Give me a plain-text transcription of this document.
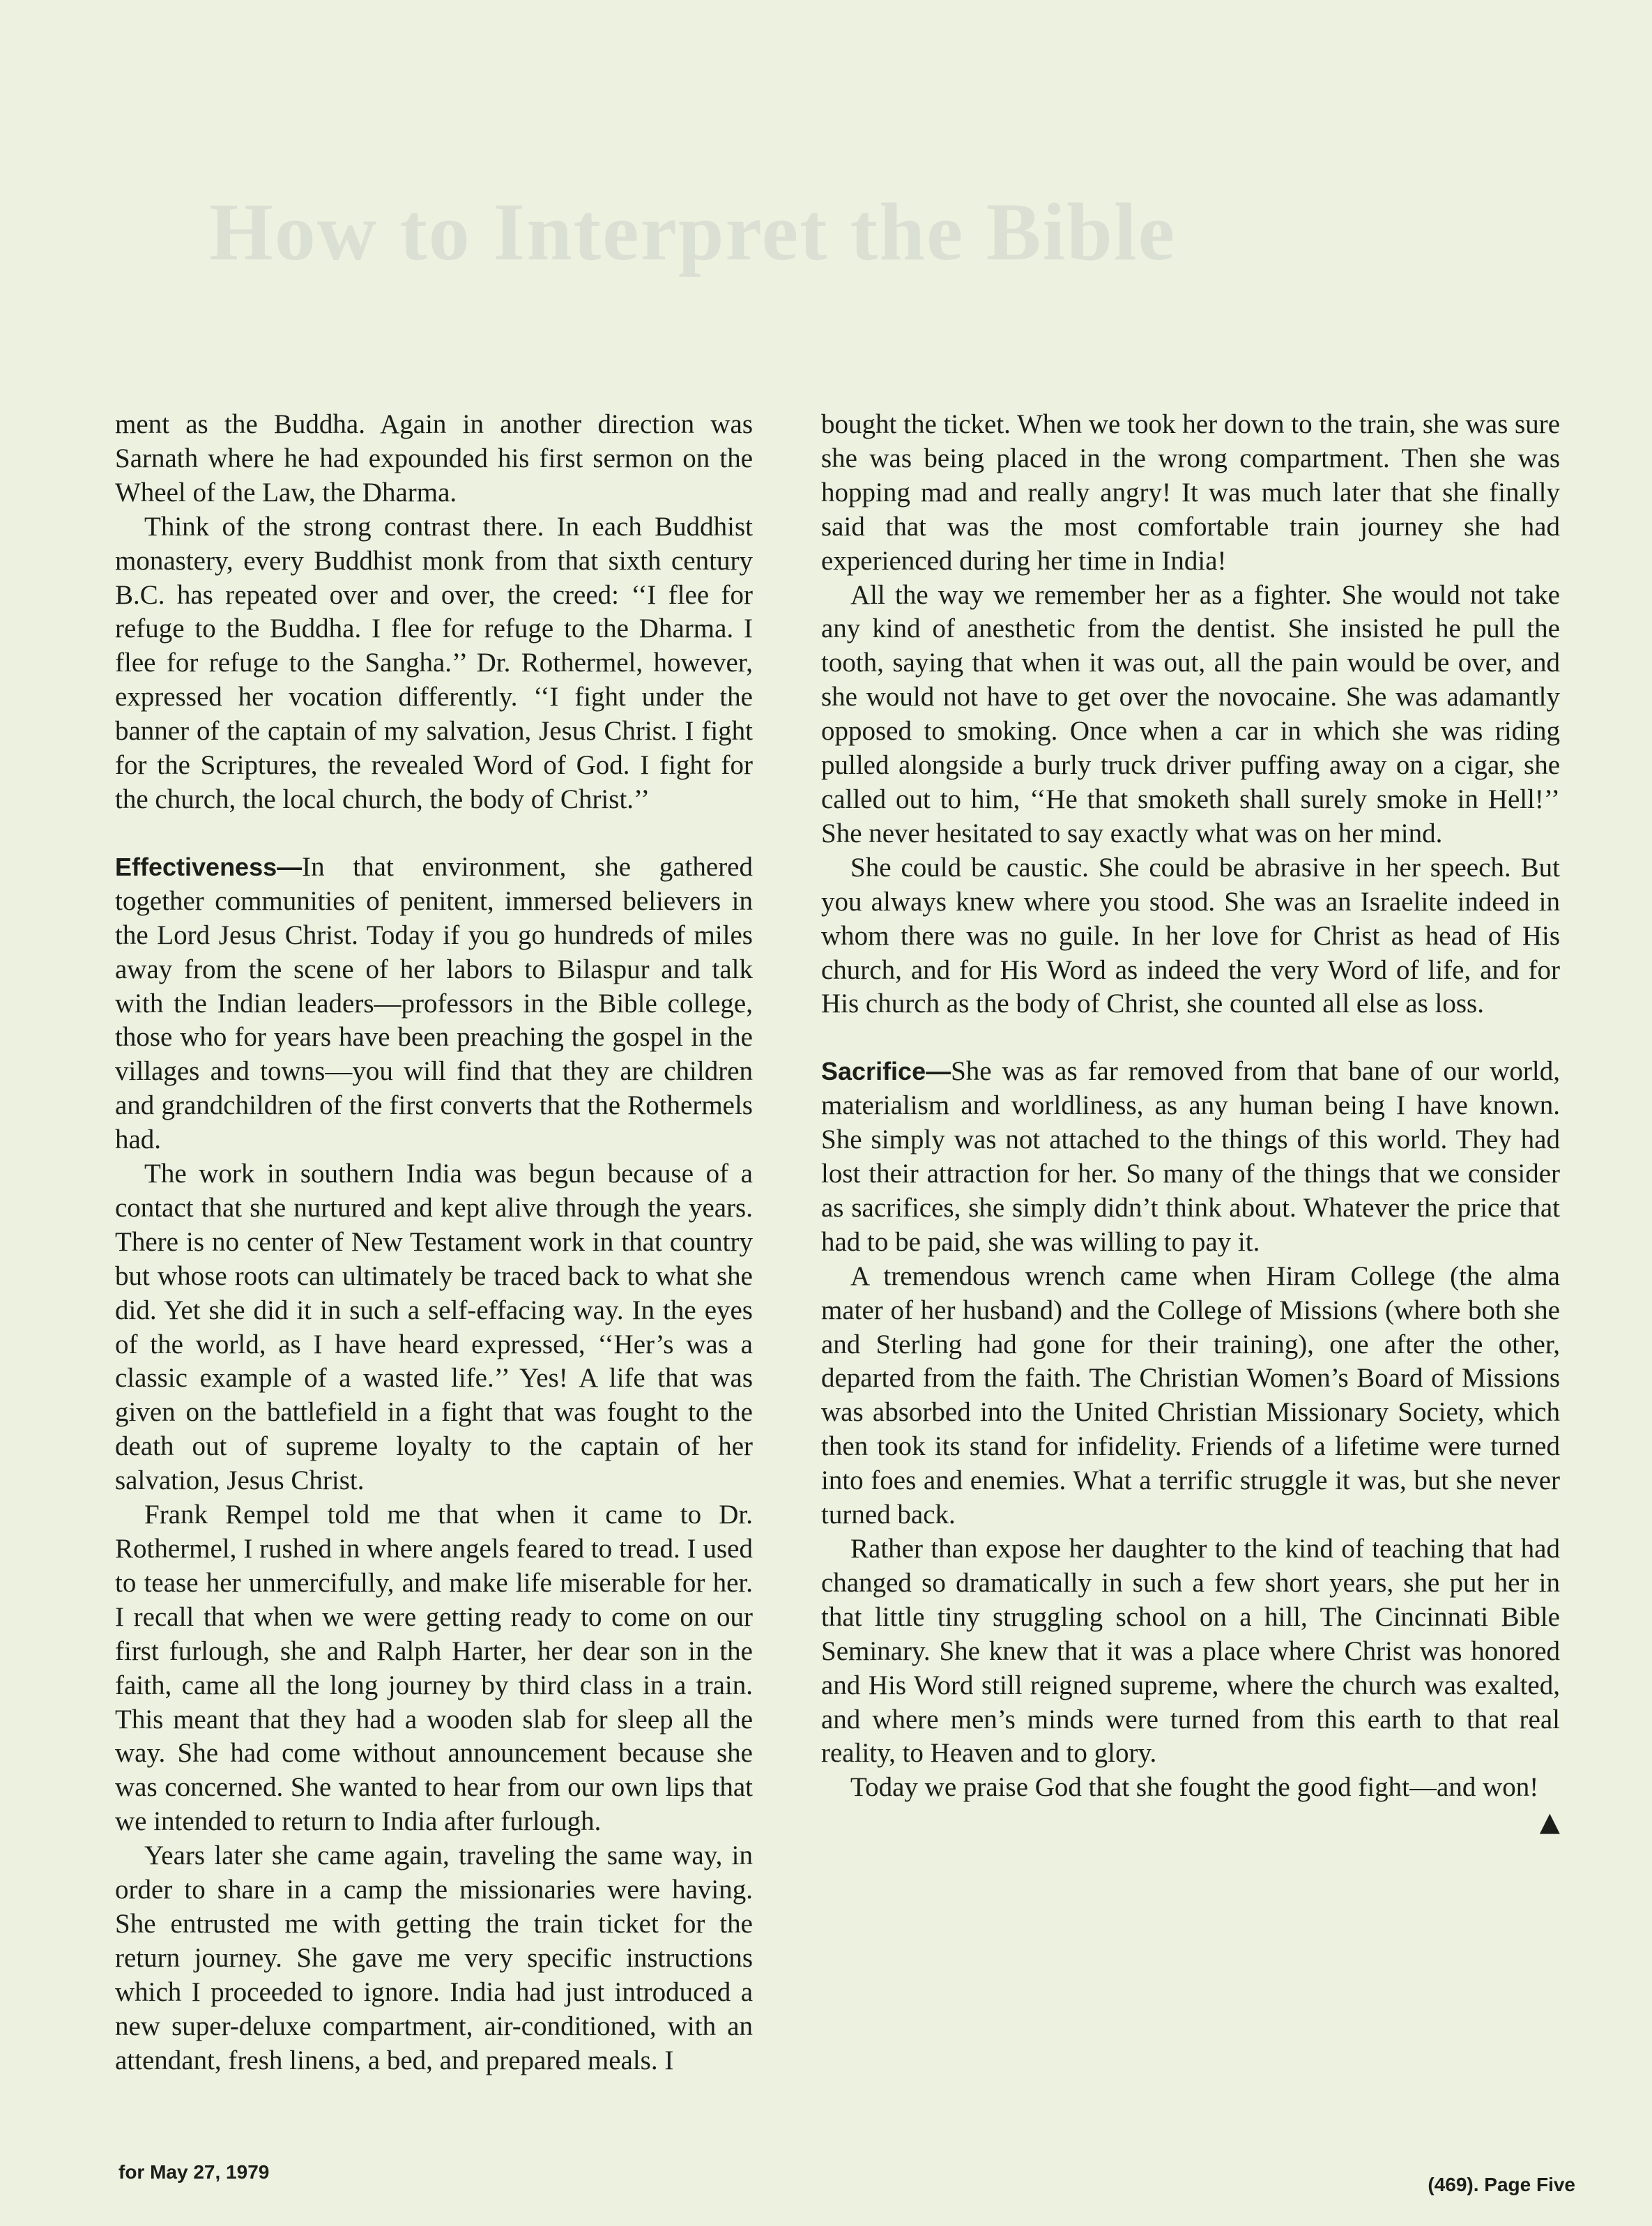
How to Interpret the Bible

ment as the Buddha. Again in another direction was Sarnath where he had expounded his first sermon on the Wheel of the Law, the Dharma.

Think of the strong contrast there. In each Buddhist monastery, every Buddhist monk from that sixth century B.C. has repeated over and over, the creed: ‘‘I flee for refuge to the Buddha. I flee for refuge to the Dharma. I flee for refuge to the Sangha.’’ Dr. Rothermel, however, expressed her vocation differently. ‘‘I fight under the banner of the captain of my salvation, Jesus Christ. I fight for the Scriptures, the revealed Word of God. I fight for the church, the local church, the body of Christ.’’

Effectiveness—In that environment, she gathered together communities of penitent, immersed believers in the Lord Jesus Christ. Today if you go hundreds of miles away from the scene of her labors to Bilaspur and talk with the Indian leaders—professors in the Bible college, those who for years have been preaching the gospel in the villages and towns—you will find that they are children and grandchildren of the first converts that the Rothermels had.

The work in southern India was begun because of a contact that she nurtured and kept alive through the years. There is no center of New Testament work in that country but whose roots can ultimately be traced back to what she did. Yet she did it in such a self-effacing way. In the eyes of the world, as I have heard expressed, ‘‘Her’s was a classic example of a wasted life.’’ Yes! A life that was given on the battlefield in a fight that was fought to the death out of supreme loyalty to the captain of her salvation, Jesus Christ.

Frank Rempel told me that when it came to Dr. Rothermel, I rushed in where angels feared to tread. I used to tease her unmercifully, and make life miserable for her. I recall that when we were getting ready to come on our first furlough, she and Ralph Harter, her dear son in the faith, came all the long journey by third class in a train. This meant that they had a wooden slab for sleep all the way. She had come without announcement because she was concerned. She wanted to hear from our own lips that we intended to return to India after furlough.

Years later she came again, traveling the same way, in order to share in a camp the missionaries were having. She entrusted me with getting the train ticket for the return journey. She gave me very specific instructions which I proceeded to ignore. India had just introduced a new super-deluxe compartment, air-conditioned, with an attendant, fresh linens, a bed, and prepared meals. I

bought the ticket. When we took her down to the train, she was sure she was being placed in the wrong compartment. Then she was hopping mad and really angry! It was much later that she finally said that was the most comfortable train journey she had experienced during her time in India!

All the way we remember her as a fighter. She would not take any kind of anesthetic from the dentist. She insisted he pull the tooth, saying that when it was out, all the pain would be over, and she would not have to get over the novocaine. She was adamantly opposed to smoking. Once when a car in which she was riding pulled alongside a burly truck driver puffing away on a cigar, she called out to him, ‘‘He that smoketh shall surely smoke in Hell!’’ She never hesitated to say exactly what was on her mind.

She could be caustic. She could be abrasive in her speech. But you always knew where you stood. She was an Israelite indeed in whom there was no guile. In her love for Christ as head of His church, and for His Word as indeed the very Word of life, and for His church as the body of Christ, she counted all else as loss.

Sacrifice—She was as far removed from that bane of our world, materialism and worldliness, as any human being I have known. She simply was not attached to the things of this world. They had lost their attraction for her. So many of the things that we consider as sacrifices, she simply didn’t think about. Whatever the price that had to be paid, she was willing to pay it.

A tremendous wrench came when Hiram College (the alma mater of her husband) and the College of Missions (where both she and Sterling had gone for their training), one after the other, departed from the faith. The Christian Women’s Board of Missions was absorbed into the United Christian Missionary Society, which then took its stand for infidelity. Friends of a lifetime were turned into foes and enemies. What a terrific struggle it was, but she never turned back.

Rather than expose her daughter to the kind of teaching that had changed so dramatically in such a few short years, she put her in that little tiny struggling school on a hill, The Cincinnati Bible Seminary. She knew that it was a place where Christ was honored and His Word still reigned supreme, where the church was exalted, and where men’s minds were turned from this earth to that real reality, to Heaven and to glory.

Today we praise God that she fought the good fight—and won!
▲

for May 27, 1979
(469). Page Five
